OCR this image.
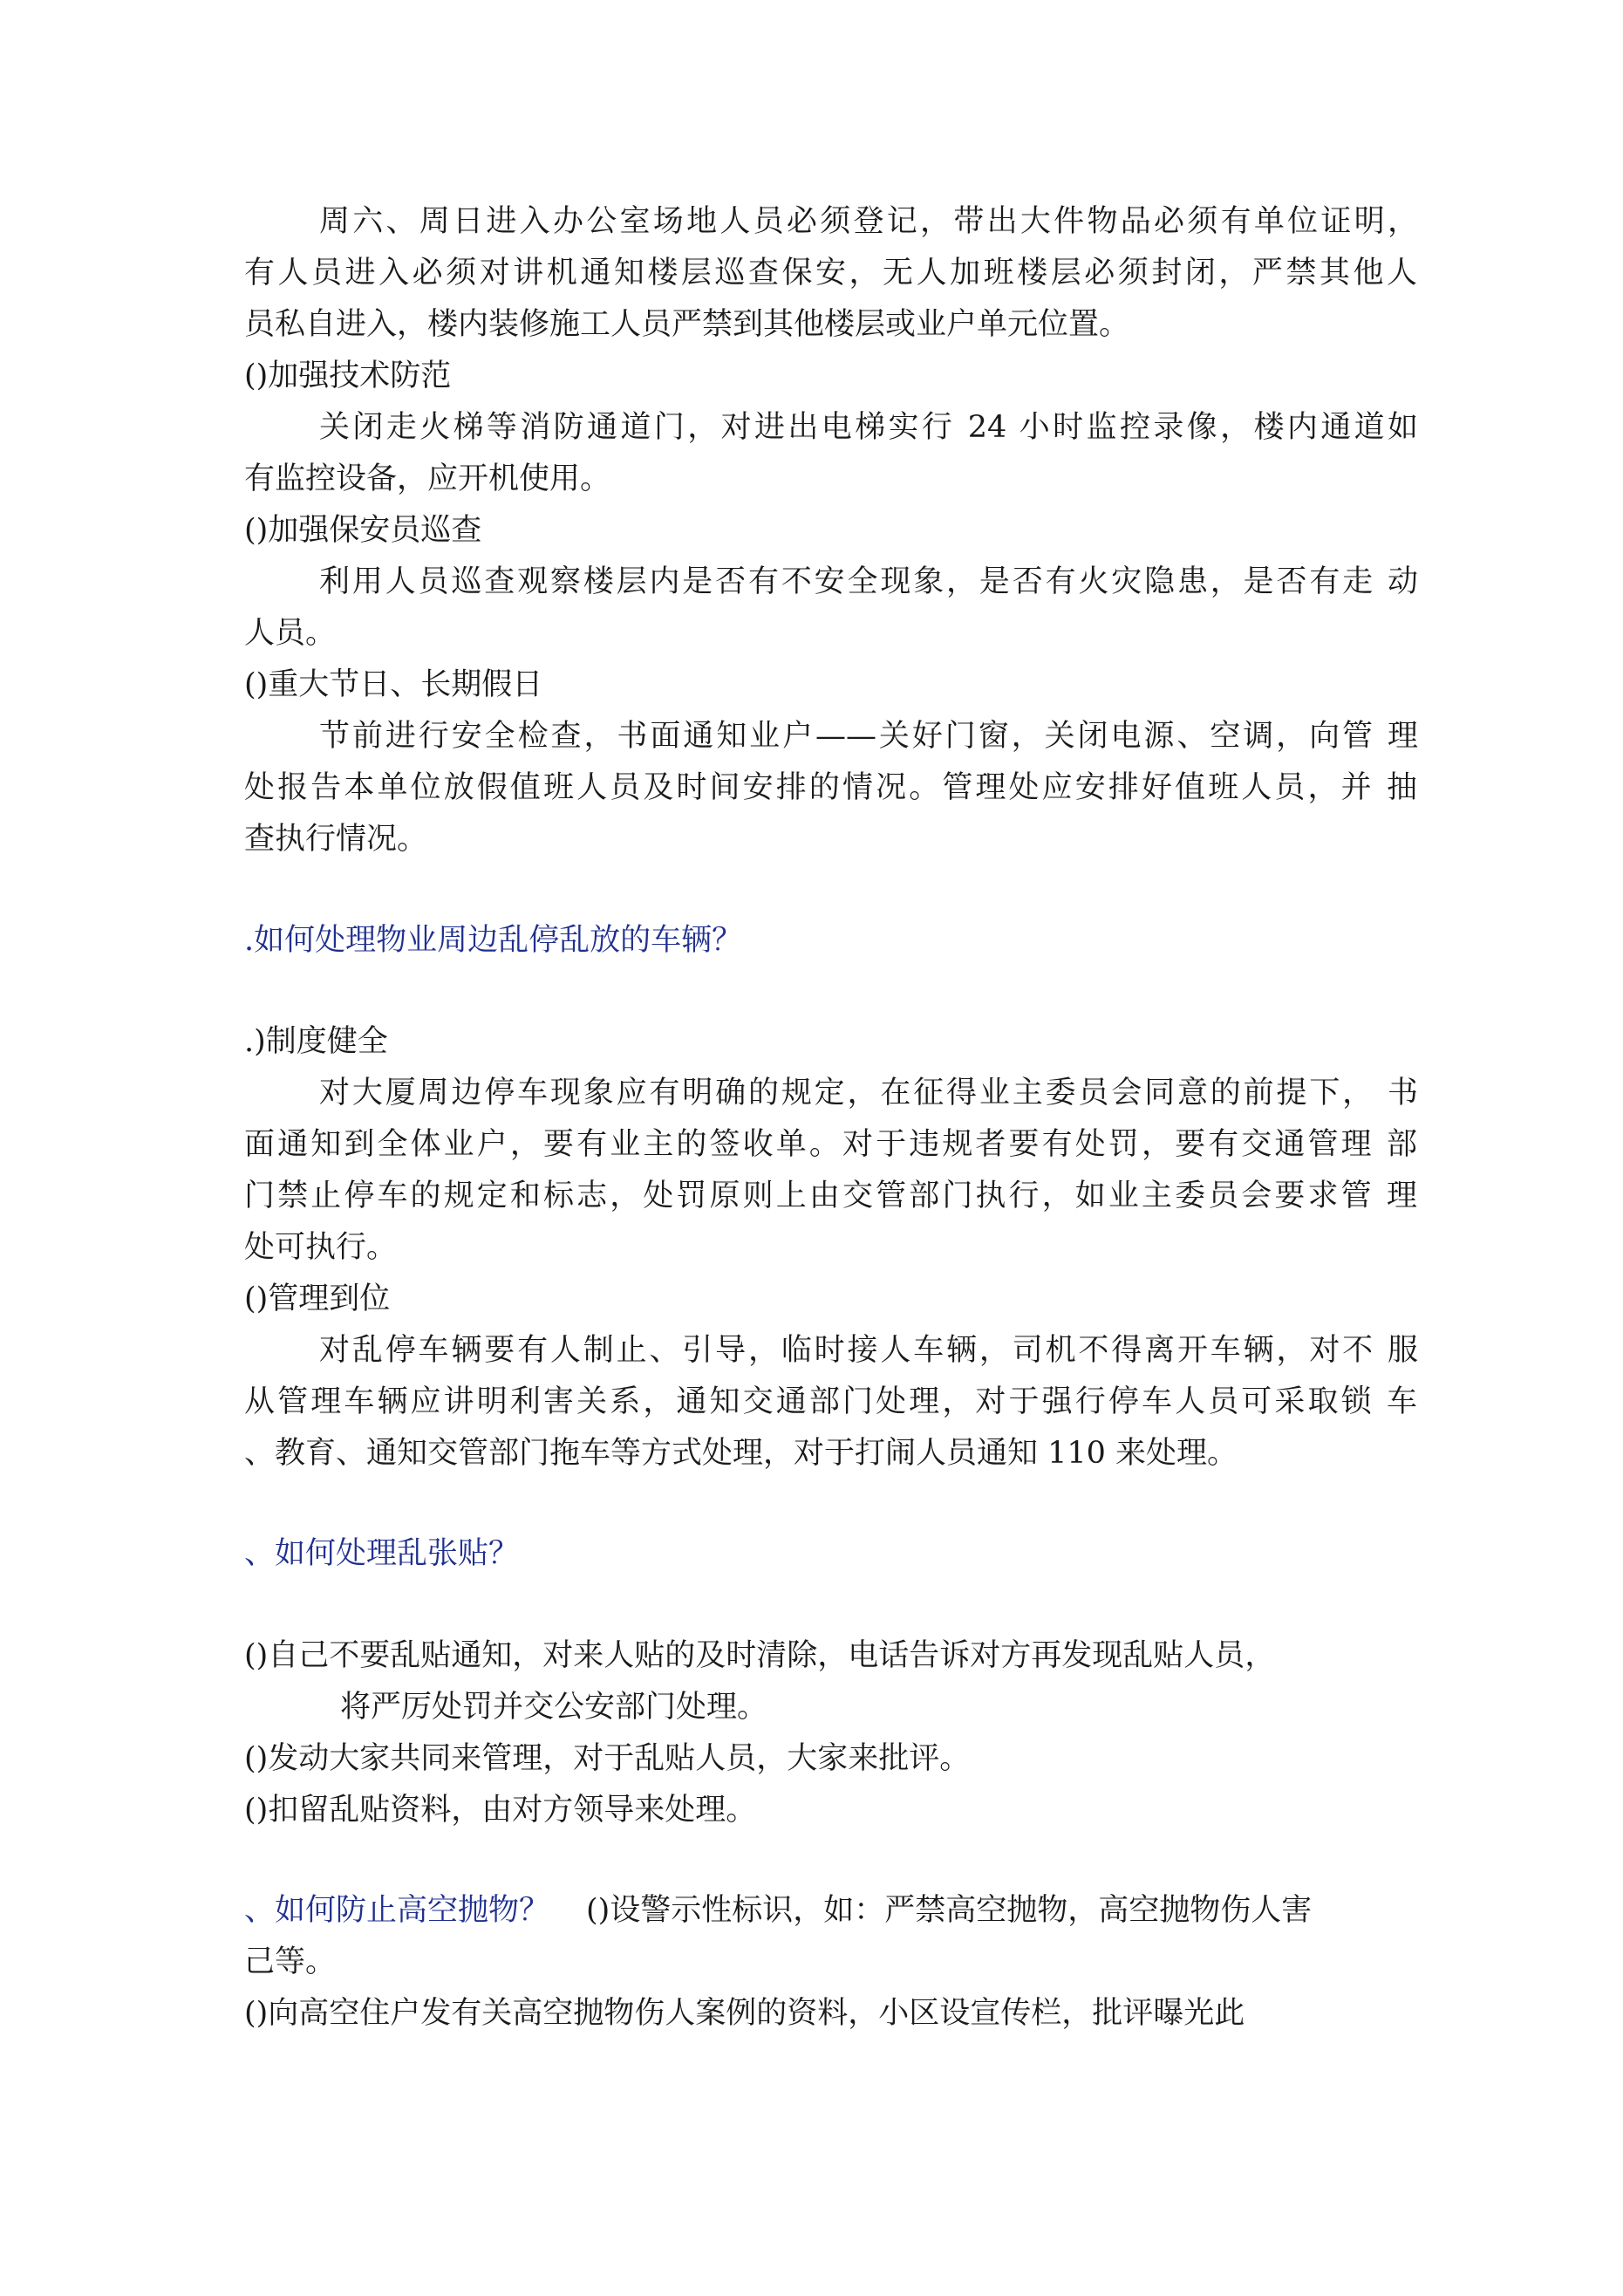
周六、周日进入办公室场地人员必须登记，带出大件物品必须有单位证明，
有人员进入必须对讲机通知楼层巡查保安，无人加班楼层必须封闭，严禁其他人
员私自进入，楼内装修施工人员严禁到其他楼层或业户单元位置。
()加强技术防范
关闭走火梯等消防通道门，对进出电梯实行 24 小时监控录像，楼内通道如
有监控设备，应开机使用。
()加强保安员巡查
利用人员巡查观察楼层内是否有不安全现象，是否有火灾隐患，是否有走 动
人员。
()重大节日、长期假日
节前进行安全检查，书面通知业户——关好门窗，关闭电源、空调，向管 理
处报告本单位放假值班人员及时间安排的情况。管理处应安排好值班人员，并 抽
查执行情况。
.如何处理物业周边乱停乱放的车辆？
.)制度健全
对大厦周边停车现象应有明确的规定，在征得业主委员会同意的前提下， 书
面通知到全体业户，要有业主的签收单。对于违规者要有处罚，要有交通管理 部
门禁止停车的规定和标志，处罚原则上由交管部门执行，如业主委员会要求管 理
处可执行。
()管理到位
对乱停车辆要有人制止、引导，临时接人车辆，司机不得离开车辆，对不 服
从管理车辆应讲明利害关系，通知交通部门处理，对于强行停车人员可采取锁 车
、教育、通知交管部门拖车等方式处理，对于打闹人员通知 110 来处理。
、如何处理乱张贴？
()自己不要乱贴通知，对来人贴的及时清除，电话告诉对方再发现乱贴人员，
将严厉处罚并交公安部门处理。
()发动大家共同来管理，对于乱贴人员，大家来批评。
()扣留乱贴资料，由对方领导来处理。
、如何防止高空抛物？ ()设警示性标识，如：严禁高空抛物，高空抛物伤人害
己等。
()向高空住户发有关高空抛物伤人案例的资料，小区设宣传栏，批评曝光此
